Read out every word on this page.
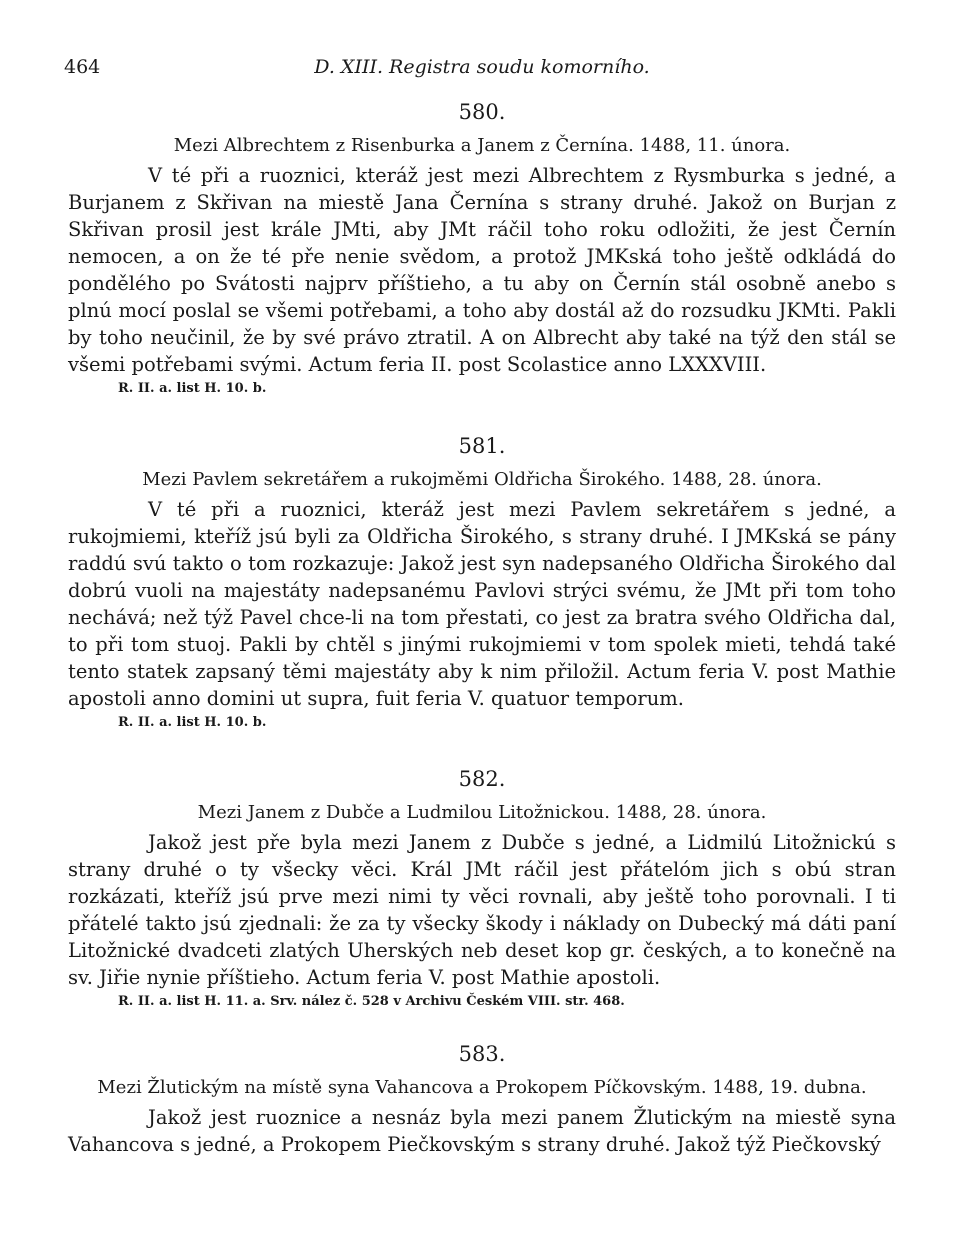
464	D. XIII. Registra soudu komorního.
580.
Mezi Albrechtem z Risenburka a Janem z Černína. 1488, 11. února.

V té při a ruoznici, kteráž jest mezi Albrechtem z Rysmburka s jedné, a Burjanem z Skřivan na miestě Jana Černína s strany druhé. Jakož on Burjan z Skřivan prosil jest krále JMti, aby JMt ráčil toho roku odložiti, že jest Černín nemocen, a on že té pře nenie svědom, a protož JMKská toho ještě odkládá do pondělého po Svátosti najprv příštieho, a tu aby on Černín stál osobně anebo s plnú mocí poslal se všemi potřebami, a toho aby dostál až do rozsudku JKMti. Pakli by toho neučinil, že by své právo ztratil. A on Albrecht aby také na týž den stál se všemi potřebami svými. Actum feria II. post Scolastice anno LXXXVIII.

R. II. a. list H. 10. b.
581.
Mezi Pavlem sekretářem a rukojměmi Oldřicha Širokého. 1488, 28. února.

V té při a ruoznici, kteráž jest mezi Pavlem sekretářem s jedné, a rukojmiemi, kteříž jsú byli za Oldřicha Širokého, s strany druhé. I JMKská se pány raddú svú takto o tom rozkazuje: Jakož jest syn nadepsaného Oldřicha Širokého dal dobrú vuoli na majestáty nadepsanému Pavlovi strýci svému, že JMt při tom toho nechává; než týž Pavel chce-li na tom přestati, co jest za bratra svého Oldřicha dal, to při tom stuoj. Pakli by chtěl s jinými rukojmiemi v tom spolek mieti, tehdá také tento statek zapsaný těmi majestáty aby k nim přiložil. Actum feria V. post Mathie apostoli anno domini ut supra, fuit feria V. quatuor temporum.

R. II. a. list H. 10. b.
582.
Mezi Janem z Dubče a Ludmilou Litožnickou. 1488, 28. února.

Jakož jest pře byla mezi Janem z Dubče s jedné, a Lidmilú Litožnickú s strany druhé o ty všecky věci. Král JMt ráčil jest přátelóm jich s obú stran rozkázati, kteříž jsú prve mezi nimi ty věci rovnali, aby ještě toho porovnali. I ti přátelé takto jsú zjednali: že za ty všecky škody i náklady on Dubecký má dáti paní Litožnické dvadceti zlatých Uherských neb deset kop gr. českých, a to konečně na sv. Jiřie nynie příštieho. Actum feria V. post Mathie apostoli.

R. II. a. list H. 11. a. Srv. nález č. 528 v Archivu Českém VIII. str. 468.
583.
Mezi Žlutickým na místě syna Vahancova a Prokopem Píčkovským. 1488, 19. dubna.

Jakož jest ruoznice a nesnáz byla mezi panem Žlutickým na miestě syna Vahancova s jedné, a Prokopem Piečkovským s strany druhé. Jakož týž Piečkovský
